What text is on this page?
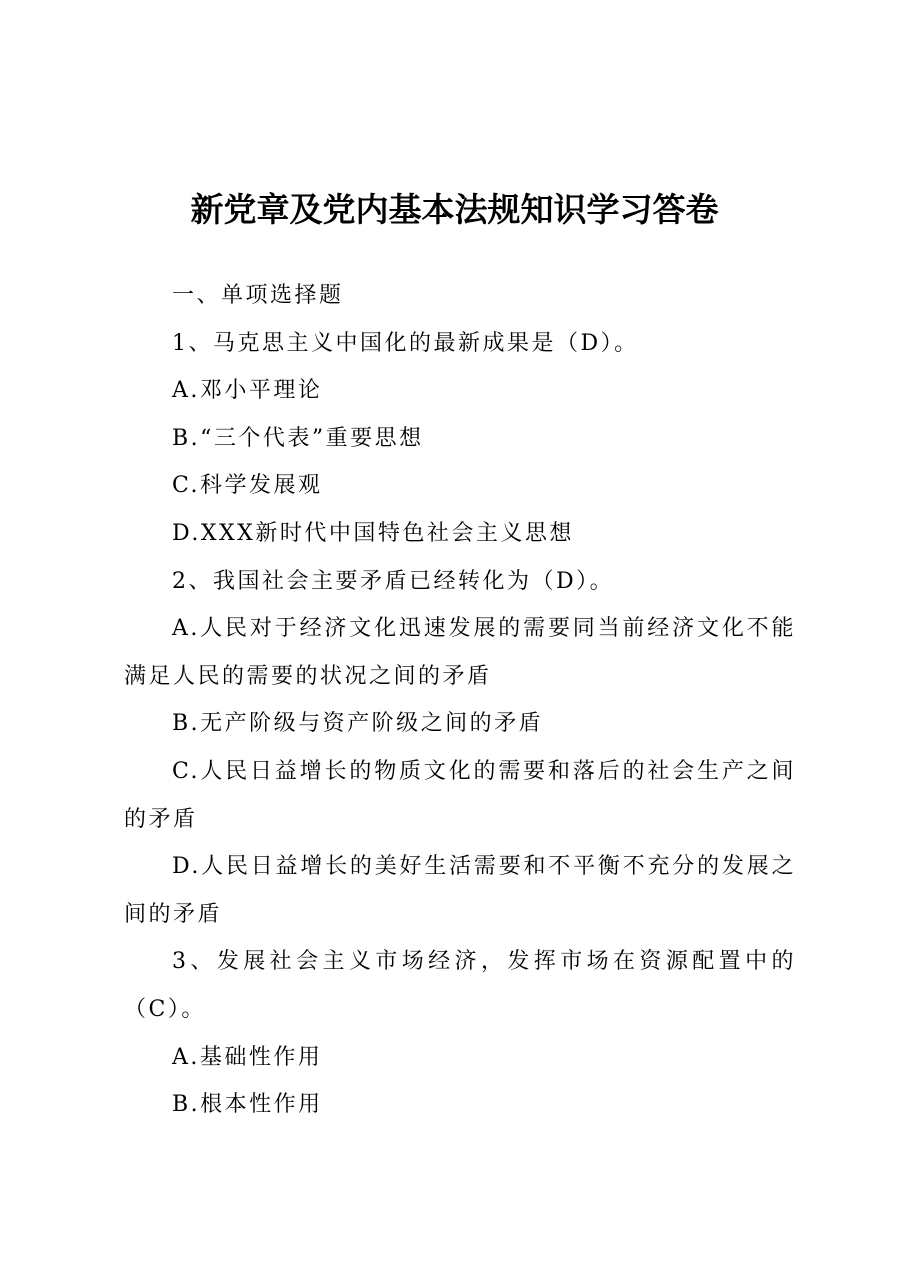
新党章及党内基本法规知识学习答卷

一、单项选择题

1、马克思主义中国化的最新成果是（D）。

A.邓小平理论

B.“三个代表”重要思想

C.科学发展观

D.XXX新时代中国特色社会主义思想

2、我国社会主要矛盾已经转化为（D）。

A.人民对于经济文化迅速发展的需要同当前经济文化不能满足人民的需要的状况之间的矛盾

B.无产阶级与资产阶级之间的矛盾

C.人民日益增长的物质文化的需要和落后的社会生产之间的矛盾

D.人民日益增长的美好生活需要和不平衡不充分的发展之间的矛盾

3、发展社会主义市场经济，发挥市场在资源配置中的（C）。

A.基础性作用

B.根本性作用
